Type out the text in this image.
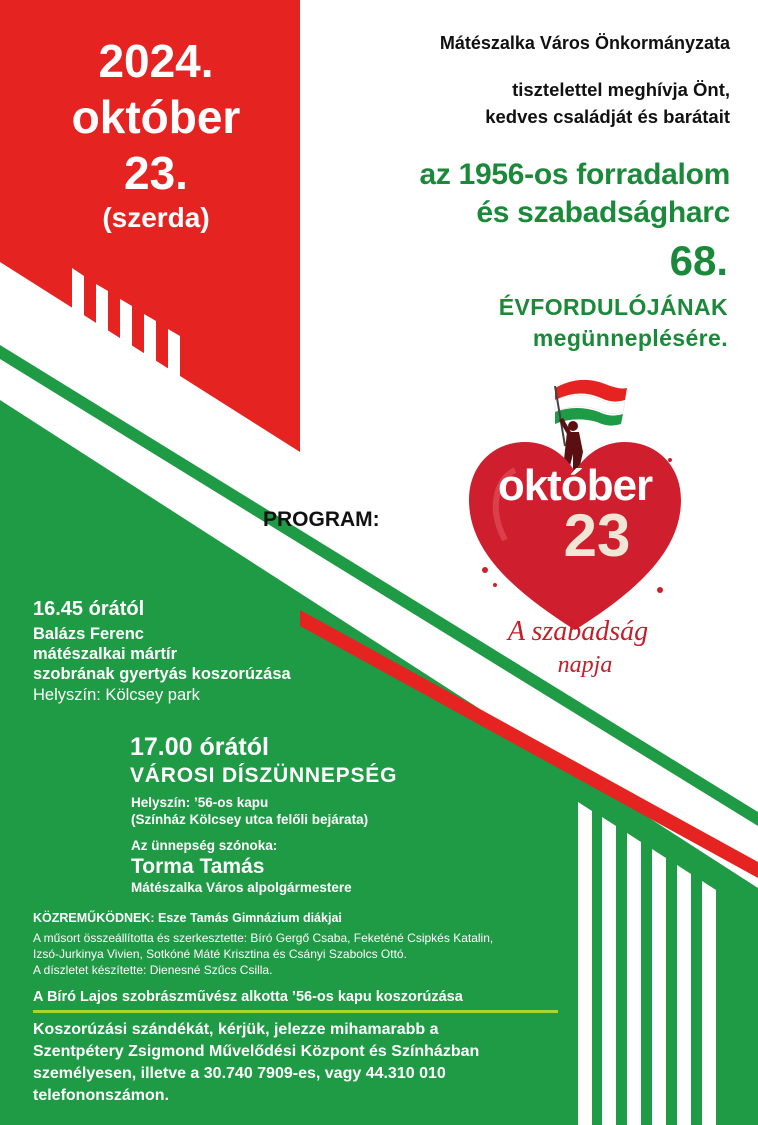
2024.

október

23.

(szerda)

Mátészalka Város Önkormányzata

tisztelettel meghívja Önt,
kedves családját és barátait
az 1956-os forradalom
és szabadságharc

68.

ÉVFORDULÓJÁNAK
megünneplésére.
október
23
A szabadság
napja

PROGRAM:

16.45 órától

Balázs Ferenc
mátészalkai mártír
szobrának gyertyás koszorúzása

Helyszín: Kölcsey park

17.00 órától

VÁROSI DÍSZÜNNEPSÉG

Helyszín: ’56-os kapu
(Színház Kölcsey utca felőli bejárata)

Az ünnepség szónoka:

Torma Tamás

Mátészalka Város alpolgármestere

KÖZREMŰKÖDNEK: Esze Tamás Gimnázium diákjai

A műsort összeállította és szerkesztette: Bíró Gergő Csaba, Feketéné Csipkés Katalin,
Izsó-Jurkinya Vivien, Sotkóné Máté Krisztina és Csányi Szabolcs Ottó.
A díszletet készítette: Dienesné Szűcs Csilla.

A Bíró Lajos szobrászművész alkotta ’56-os kapu koszorúzása

Koszorúzási szándékát, kérjük, jelezze mihamarabb a
Szentpétery Zsigmond Művelődési Központ és Színházban
személyesen, illetve a 30.740 7909-es, vagy 44.310 010
telefononszámon.
